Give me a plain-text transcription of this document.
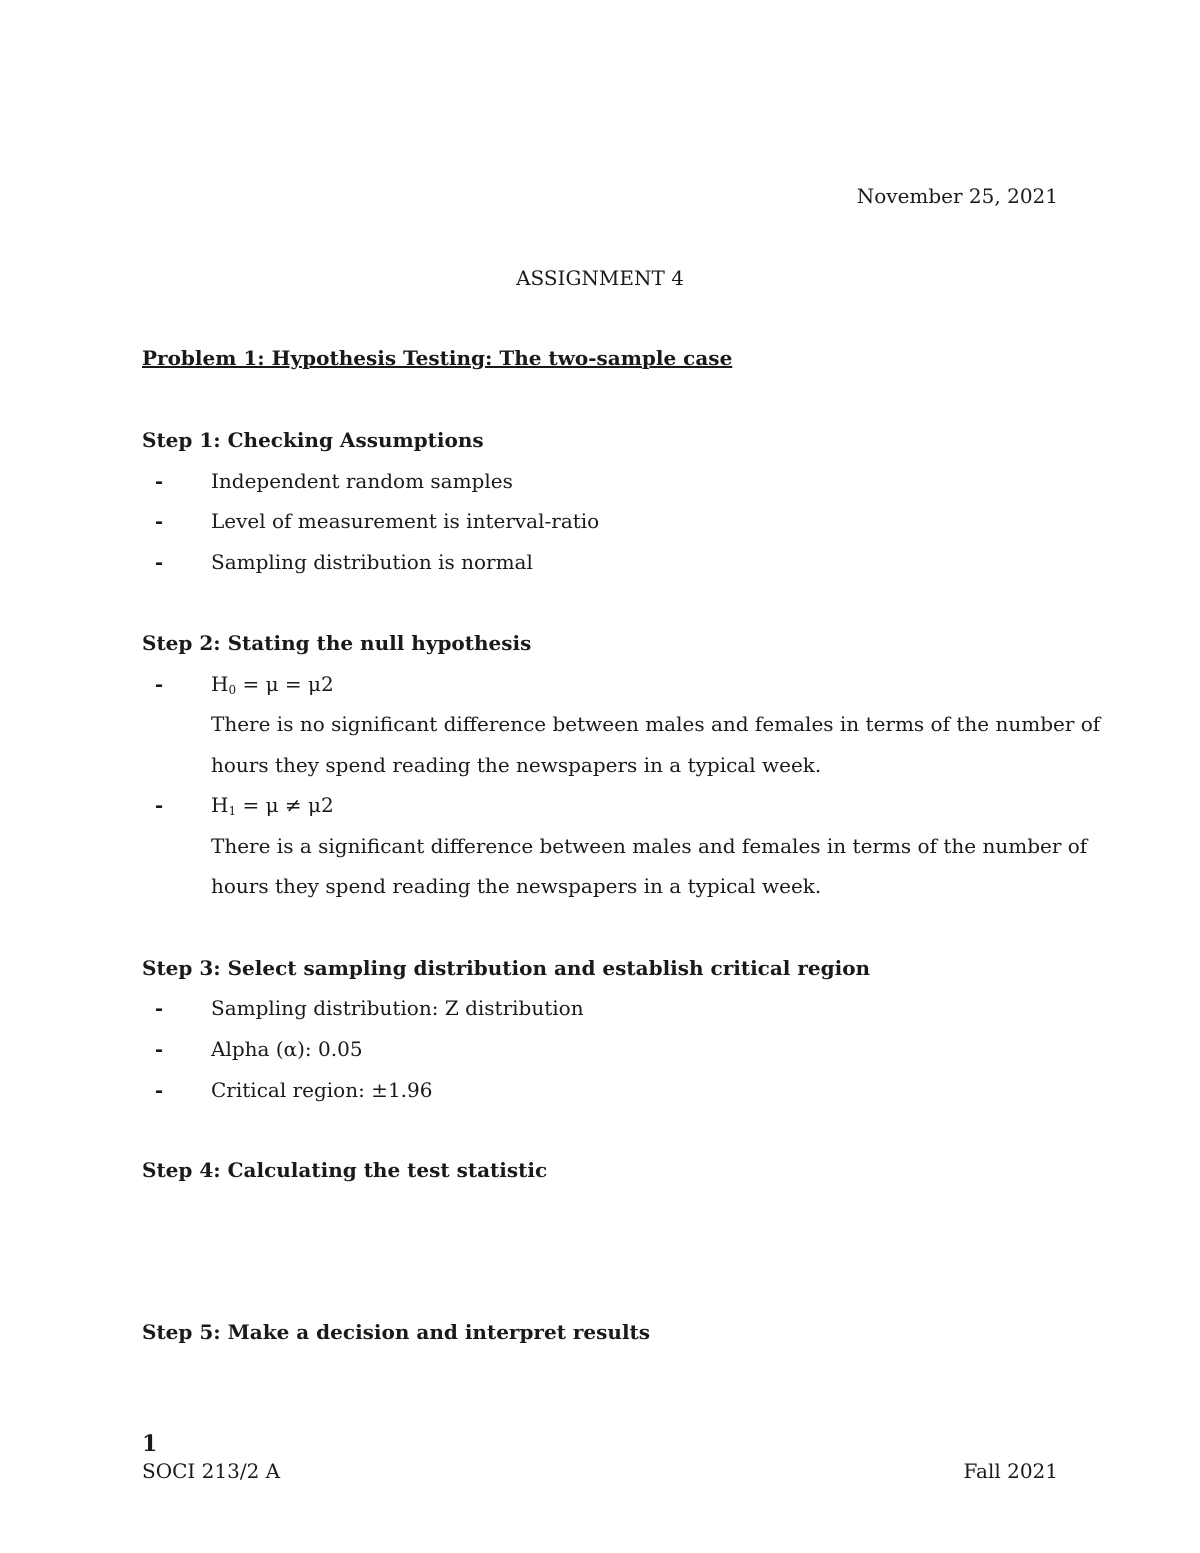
November 25, 2021
ASSIGNMENT 4
Problem 1: Hypothesis Testing: The two-sample case
Step 1: Checking Assumptions
-	Independent random samples
-	Level of measurement is interval-ratio
-	Sampling distribution is normal
Step 2: Stating the null hypothesis
-	$H_0 = \mu = \mu 2$
There is no significant difference between males and females in terms of the number of
hours they spend reading the newspapers in a typical week.
-	$H_1 = \mu \ne \mu 2$
There is a significant difference between males and females in terms of the number of
hours they spend reading the newspapers in a typical week.
Step 3: Select sampling distribution and establish critical region
-	Sampling distribution: Z distribution
-	Alpha (α): 0.05
-	Critical region: ±1.96
Step 4: Calculating the test statistic
Step 5: Make a decision and interpret results
1
SOCI 213/2 A	Fall 2021
